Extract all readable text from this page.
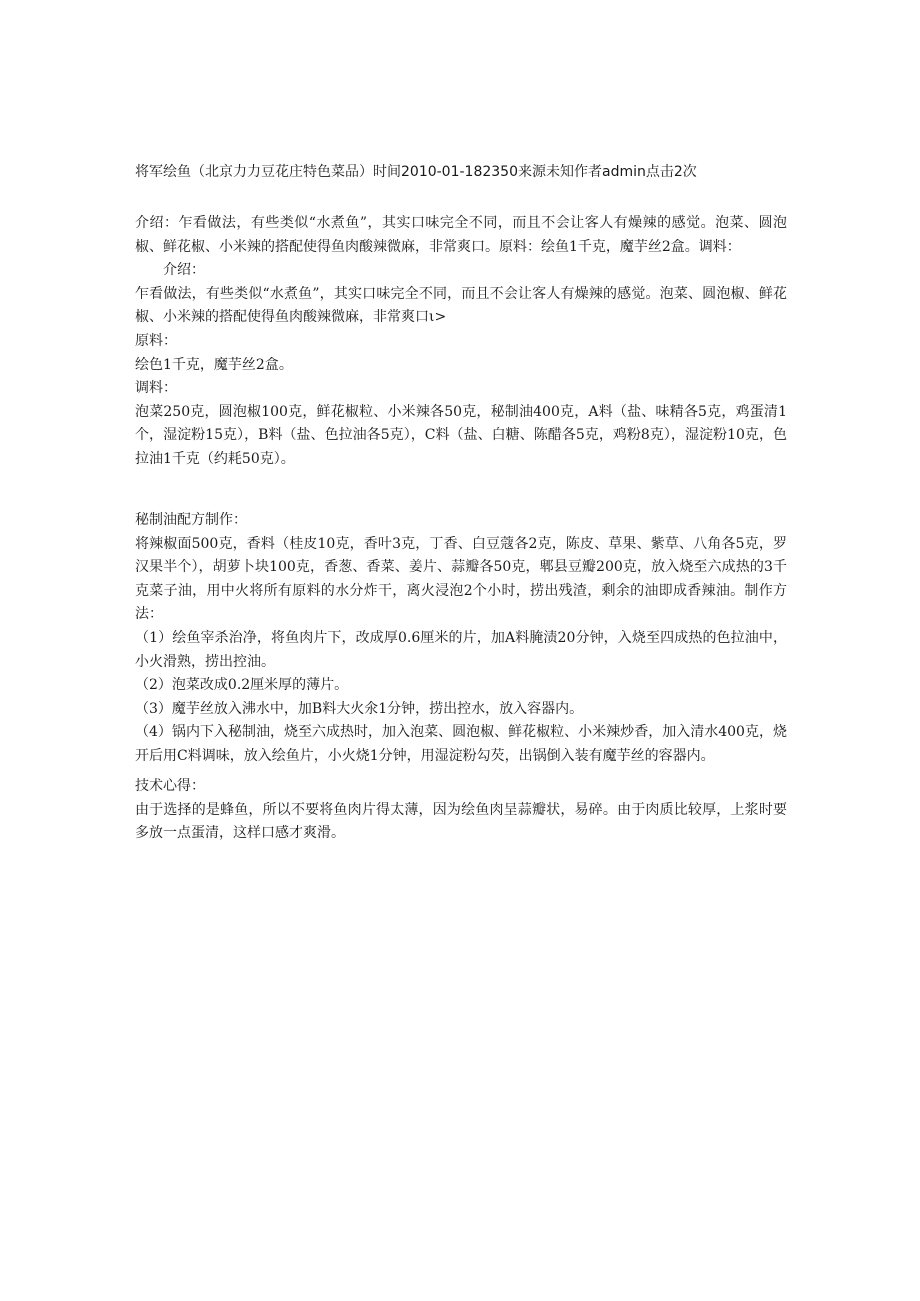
将军绘鱼（北京力力豆花庄特色菜品）时间2010-01-182350来源未知作者admin点击2次

介绍：乍看做法，有些类似“水煮鱼”，其实口味完全不同，而且不会让客人有燥辣的感觉。泡菜、圆泡椒、鲜花椒、小米辣的搭配使得鱼肉酸辣微麻，非常爽口。原料：绘鱼1千克，魔芋丝2盒。调料：

介绍：

乍看做法，有些类似“水煮鱼”，其实口味完全不同，而且不会让客人有燥辣的感觉。泡菜、圆泡椒、鲜花椒、小米辣的搭配使得鱼肉酸辣微麻，非常爽口ι>

原料：

绘色1千克，魔芋丝2盒。

调料：

泡菜250克，圆泡椒100克，鲜花椒粒、小米辣各50克，秘制油400克，A料（盐、味精各5克，鸡蛋清1个，湿淀粉15克），B料（盐、色拉油各5克），C料（盐、白糖、陈醋各5克，鸡粉8克），湿淀粉10克，色拉油1千克（约耗50克）。

秘制油配方制作：

将辣椒面500克，香料（桂皮10克，香叶3克，丁香、白豆蔻各2克，陈皮、草果、紫草、八角各5克，罗汉果半个），胡萝卜块100克，香葱、香菜、姜片、蒜瓣各50克，郫县豆瓣200克，放入烧至六成热的3千克菜子油，用中火将所有原料的水分炸干，离火浸泡2个小时，捞出残渣，剩余的油即成香辣油。制作方法：

（1）绘鱼宰杀治净，将鱼肉片下，改成厚0.6厘米的片，加A料腌渍20分钟，入烧至四成热的色拉油中，小火滑熟，捞出控油。

（2）泡菜改成0.2厘米厚的薄片。

（3）魔芋丝放入沸水中，加B料大火氽1分钟，捞出控水，放入容器内。

（4）锅内下入秘制油，烧至六成热时，加入泡菜、圆泡椒、鲜花椒粒、小米辣炒香，加入清水400克，烧开后用C料调味，放入绘鱼片，小火烧1分钟，用湿淀粉勾芡，出锅倒入装有魔芋丝的容器内。

技术心得：

由于选择的是蜂鱼，所以不要将鱼肉片得太薄，因为绘鱼肉呈蒜瓣状，易碎。由于肉质比较厚，上浆时要多放一点蛋清，这样口感才爽滑。
